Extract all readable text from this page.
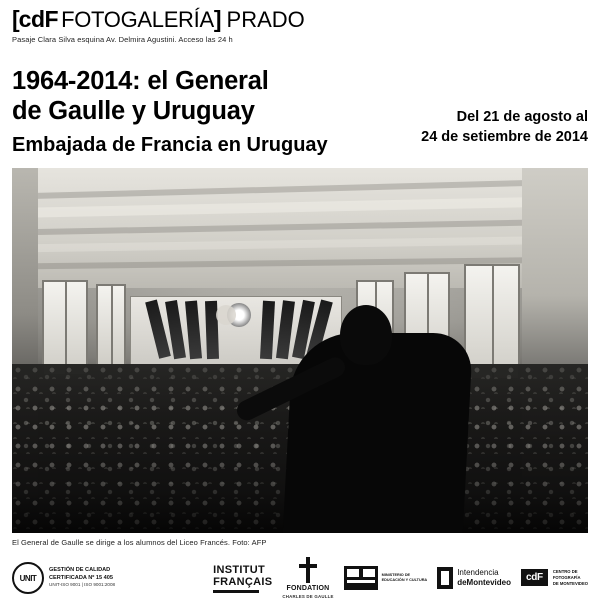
[ cdF FOTOGALERÍA ] PRADO
Pasaje Clara Silva esquina Av. Delmira Agustini. Acceso las 24 h
1964-2014: el General
de Gaulle y Uruguay
Embajada de Francia en Uruguay
Del 21 de agosto al
24 de setiembre de 2014
El General de Gaulle se dirige a los alumnos del Liceo Francés. Foto: AFP
UNIT
GESTIÓN DE CALIDAD
CERTIFICADA Nº 15 405
UNIT-ISO 9001 | ISO 9001:2008
INSTITUT
FRANÇAIS
FONDATION
CHARLES DE GAULLE
MINISTERIO DE
EDUCACIÓN Y CULTURA
Intendencia
deMontevideo	cdF
CENTRO DE
FOTOGRAFÍA
DE MONTEVIDEO
